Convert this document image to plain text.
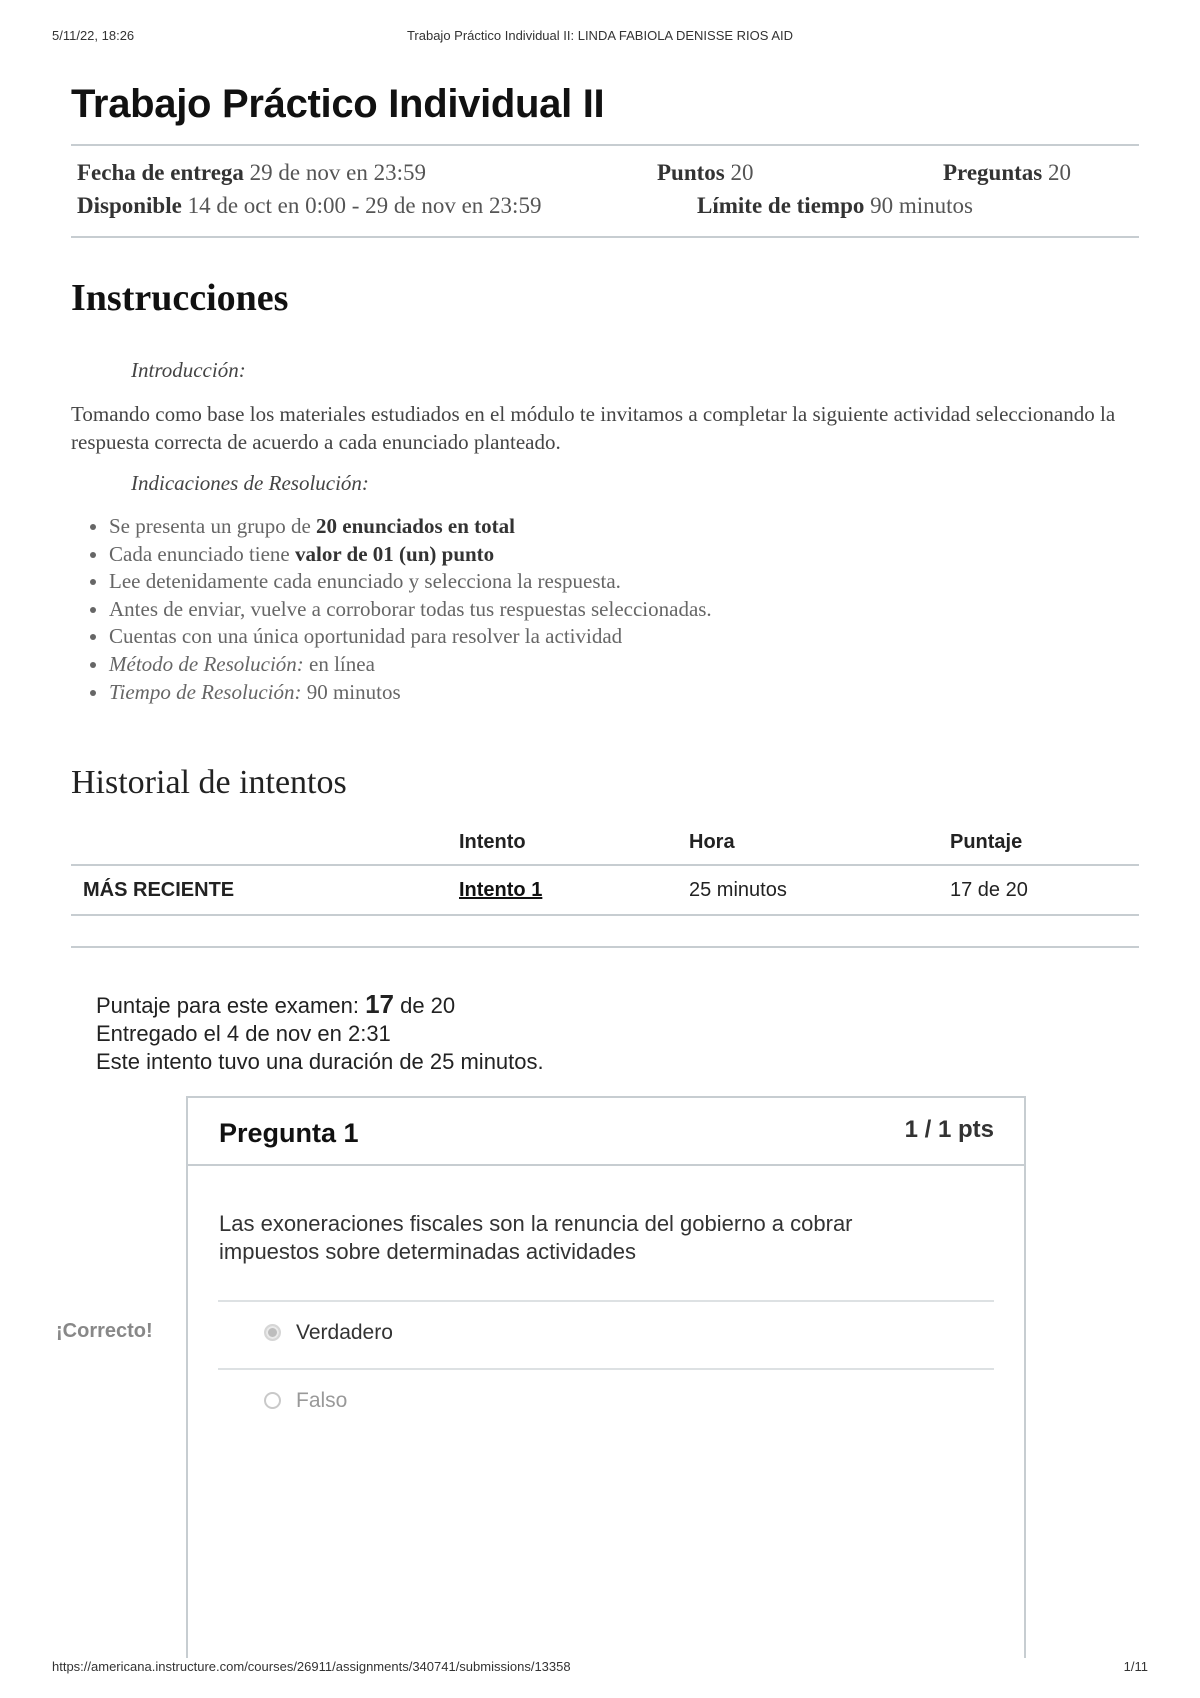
5/11/22, 18:26	Trabajo Práctico Individual II: LINDA FABIOLA DENISSE RIOS AID
Trabajo Práctico Individual II
Fecha de entrega 29 de nov en 23:59	Puntos 20	Preguntas 20
Disponible 14 de oct en 0:00 - 29 de nov en 23:59	Límite de tiempo 90 minutos
Instrucciones
Introducción:

Tomando como base los materiales estudiados en el módulo te invitamos a completar la siguiente actividad seleccionando la respuesta correcta de acuerdo a cada enunciado planteado.

Indicaciones de Resolución:
• Se presenta un grupo de 20 enunciados en total
• Cada enunciado tiene valor de 01 (un) punto
• Lee detenidamente cada enunciado y selecciona la respuesta.
• Antes de enviar, vuelve a corroborar todas tus respuestas seleccionadas.
• Cuentas con una única oportunidad para resolver la actividad
• Método de Resolución: en línea
• Tiempo de Resolución: 90 minutos
Historial de intentos
	Intento	Hora	Puntaje
MÁS RECIENTE	Intento 1	25 minutos	17 de 20
Puntaje para este examen: 17 de 20
Entregado el 4 de nov en 2:31
Este intento tuvo una duración de 25 minutos.
Pregunta 1	1 / 1 pts
Las exoneraciones fiscales son la renuncia del gobierno a cobrar impuestos sobre determinadas actividades
Verdadero
Falso
¡Correcto!
https://americana.instructure.com/courses/26911/assignments/340741/submissions/13358	1/11
